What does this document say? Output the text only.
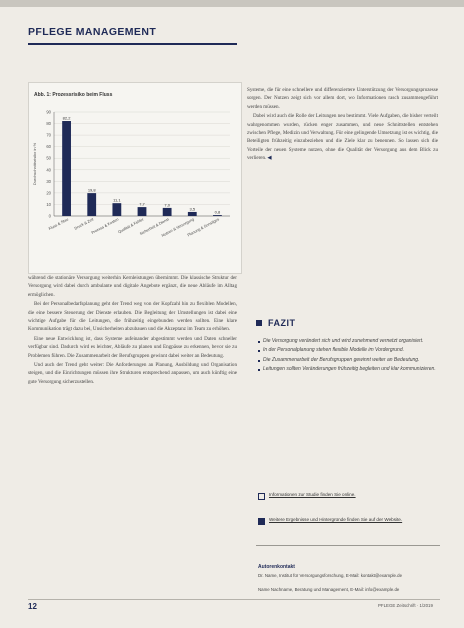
PFLEGE MANAGEMENT
Abb. 1: Prozessrisiko beim Fluss
Durchschnittsrisiko in %
0
10
20
30
40
50
60
70
80
90
82,2
Fluss & Stau
19,8
Druck & Zeit
11,1
Prozess & Kosten
7,7
Qualität & Fehler
7,0
Sicherheit & Dienst
3,5
Nutzen & Versorgung
0,8
Planung & Sonstiges

während die stationäre Versorgung weiterhin Kernleistungen übernimmt. Die klassische Struktur der Versorgung wird dabei durch ambulante und digitale Angebote ergänzt, die neue Abläufe im Alltag ermöglichen.

Bei der Personalbedarfsplanung geht der Trend weg von der Kopfzahl hin zu flexiblen Modellen, die eine bessere Steuerung der Dienste erlauben. Die Begleitung der Umstellungen ist dabei eine wichtige Aufgabe für die Leitungen, die frühzeitig eingebunden werden sollten. Eine klare Kommunikation trägt dazu bei, Unsicherheiten abzubauen und die Akzeptanz im Team zu erhöhen.

Eine neue Entwicklung ist, dass Systeme aufeinander abgestimmt werden und Daten schneller verfügbar sind. Dadurch wird es leichter, Abläufe zu planen und Engpässe zu erkennen, bevor sie zu Problemen führen. Die Zusammenarbeit der Berufsgruppen gewinnt dabei weiter an Bedeutung.

Und auch der Trend geht weiter: Die Anforderungen an Planung, Ausbildung und Organisation steigen, und die Einrichtungen müssen ihre Strukturen entsprechend anpassen, um auch künftig eine gute Versorgung sicherzustellen.

Systeme, die für eine schnellere und differenziertere Unterstützung der Versorgungsprozesse sorgen. Der Nutzen zeigt sich vor allem dort, wo Informationen rasch zusammengeführt werden müssen.

Dabei wird auch die Rolle der Leitungen neu bestimmt. Viele Aufgaben, die bisher verteilt wahrgenommen wurden, rücken enger zusammen, und neue Schnittstellen entstehen zwischen Pflege, Medizin und Verwaltung. Für eine gelingende Umsetzung ist es wichtig, die Beteiligten frühzeitig einzubeziehen und die Ziele klar zu benennen. So lassen sich die Vorteile der neuen Systeme nutzen, ohne die Qualität der Versorgung aus dem Blick zu verlieren. ◀

FAZIT
Die Versorgung verändert sich und wird zunehmend vernetzt organisiert.
In der Personalplanung stehen flexible Modelle im Vordergrund.
Die Zusammenarbeit der Berufsgruppen gewinnt weiter an Bedeutung.
Leitungen sollten Veränderungen frühzeitig begleiten und klar kommunizieren.
Informationen zur Studie finden Sie online.
Weitere Ergebnisse und Hintergründe finden Sie auf der Website.
Autorenkontakt
Dr. Name, Institut für Versorgungsforschung, E-Mail: kontakt@example.de
Name Nachname, Beratung und Management, E-Mail: info@example.de
12	PFLEGE Zeitschrift · 1/2019
